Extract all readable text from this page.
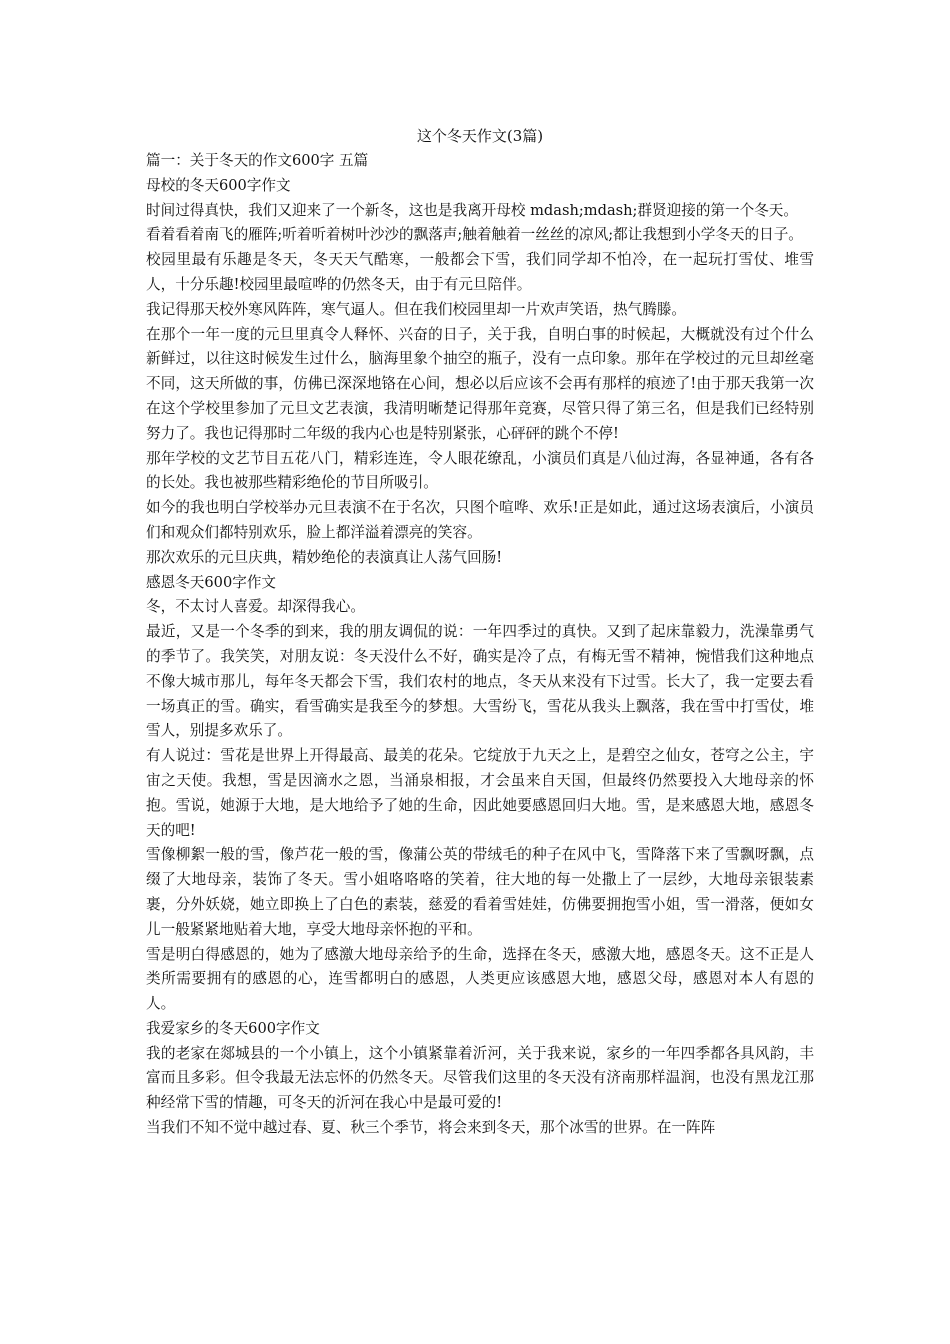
这个冬天作文(3篇)

篇一：关于冬天的作文600字 五篇

母校的冬天600字作文

时间过得真快，我们又迎来了一个新冬，这也是我离开母校 mdash;mdash;群贤迎接的第一个冬天。

看着看着南飞的雁阵;听着听着树叶沙沙的飘落声;触着触着一丝丝的凉风;都让我想到小学冬天的日子。

校园里最有乐趣是冬天，冬天天气酷寒，一般都会下雪，我们同学却不怕冷，在一起玩打雪仗、堆雪人，十分乐趣!校园里最喧哗的仍然冬天，由于有元旦陪伴。

我记得那天校外寒风阵阵，寒气逼人。但在我们校园里却一片欢声笑语，热气腾滕。

在那个一年一度的元旦里真令人释怀、兴奋的日子，关于我，自明白事的时候起，大概就没有过个什么新鲜过，以往这时候发生过什么，脑海里象个抽空的瓶子，没有一点印象。那年在学校过的元旦却丝毫不同，这天所做的事，仿佛已深深地铬在心间，想必以后应该不会再有那样的痕迹了!由于那天我第一次在这个学校里参加了元旦文艺表演，我清明晰楚记得那年竞赛，尽管只得了第三名，但是我们已经特别努力了。我也记得那时二年级的我内心也是特别紧张，心砰砰的跳个不停!

那年学校的文艺节目五花八门，精彩连连，令人眼花缭乱，小演员们真是八仙过海，各显神通，各有各的长处。我也被那些精彩绝伦的节目所吸引。

如今的我也明白学校举办元旦表演不在于名次，只图个喧哗、欢乐!正是如此，通过这场表演后，小演员们和观众们都特别欢乐，脸上都洋溢着漂亮的笑容。

那次欢乐的元旦庆典，精妙绝伦的表演真让人荡气回肠!

感恩冬天600字作文

冬，不太讨人喜爱。却深得我心。

最近，又是一个冬季的到来，我的朋友调侃的说：一年四季过的真快。又到了起床靠毅力，洗澡靠勇气的季节了。我笑笑，对朋友说：冬天没什么不好，确实是冷了点，有梅无雪不精神，惋惜我们这种地点不像大城市那儿，每年冬天都会下雪，我们农村的地点，冬天从来没有下过雪。长大了，我一定要去看一场真正的雪。确实，看雪确实是我至今的梦想。大雪纷飞，雪花从我头上飘落，我在雪中打雪仗，堆雪人，别提多欢乐了。

有人说过：雪花是世界上开得最高、最美的花朵。它绽放于九天之上，是碧空之仙女，苍穹之公主，宇宙之天使。我想，雪是因滴水之恩，当涌泉相报，才会虽来自天国，但最终仍然要投入大地母亲的怀抱。雪说，她源于大地，是大地给予了她的生命，因此她要感恩回归大地。雪，是来感恩大地，感恩冬天的吧!

雪像柳絮一般的雪，像芦花一般的雪，像蒲公英的带绒毛的种子在风中飞，雪降落下来了雪飘呀飘，点缀了大地母亲，装饰了冬天。雪小姐咯咯咯的笑着，往大地的每一处撒上了一层纱，大地母亲银装素裹，分外妖娆，她立即换上了白色的素装，慈爱的看着雪娃娃，仿佛要拥抱雪小姐，雪一滑落，便如女儿一般紧紧地贴着大地，享受大地母亲怀抱的平和。

雪是明白得感恩的，她为了感激大地母亲给予的生命，选择在冬天，感激大地，感恩冬天。这不正是人类所需要拥有的感恩的心，连雪都明白的感恩，人类更应该感恩大地，感恩父母，感恩对本人有恩的人。

我爱家乡的冬天600字作文

我的老家在郯城县的一个小镇上，这个小镇紧靠着沂河，关于我来说，家乡的一年四季都各具风韵，丰富而且多彩。但令我最无法忘怀的仍然冬天。尽管我们这里的冬天没有济南那样温润，也没有黑龙江那种经常下雪的情趣，可冬天的沂河在我心中是最可爱的!

当我们不知不觉中越过春、夏、秋三个季节，将会来到冬天，那个冰雪的世界。在一阵阵
